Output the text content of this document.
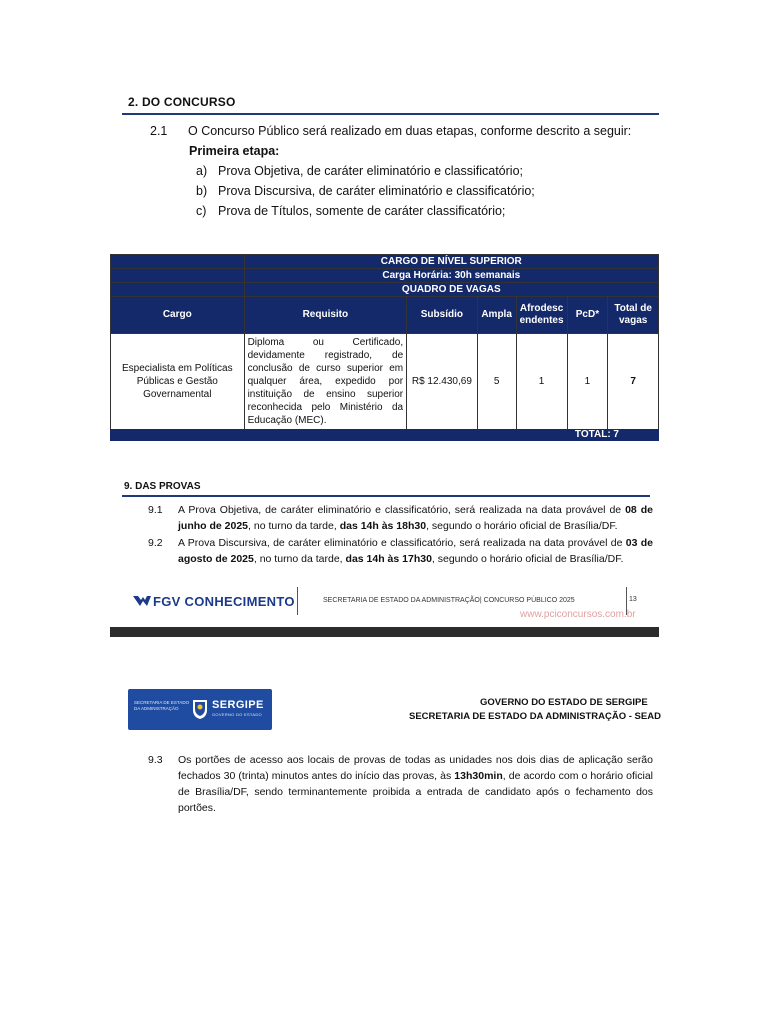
2. DO CONCURSO
2.1 O Concurso Público será realizado em duas etapas, conforme descrito a seguir:
Primeira etapa:
a) Prova Objetiva, de caráter eliminatório e classificatório;
b) Prova Discursiva, de caráter eliminatório e classificatório;
c) Prova de Títulos, somente de caráter classificatório;
	CARGO DE NÍVEL SUPERIOR					
	Carga Horária: 30h semanais					
	QUADRO DE VAGAS					
Cargo	Requisito	Subsídio	Ampla	Afrodesc endentes	PcD*	Total de vagas
Especialista em Políticas Públicas e Gestão Governamental	Diploma ou Certificado, devidamente registrado, de conclusão de curso superior em qualquer área, expedido por instituição de ensino superior reconhecida pelo Ministério da Educação (MEC).	R$ 12.430,69	5	1	1	7
TOTAL: 7
9. DAS PROVAS
9.1 A Prova Objetiva, de caráter eliminatório e classificatório, será realizada na data provável de 08 de junho de 2025, no turno da tarde, das 14h às 18h30, segundo o horário oficial de Brasília/DF.
9.2 A Prova Discursiva, de caráter eliminatório e classificatório, será realizada na data provável de 03 de agosto de 2025, no turno da tarde, das 14h às 17h30, segundo o horário oficial de Brasília/DF.
FGV CONHECIMENTO	SECRETARIA DE ESTADO DA ADMINISTRAÇÃO| CONCURSO PÚBLICO 2025	13
www.pciconcursos.com.br
SECRETARIA DE ESTADO DA ADMINISTRAÇÃO	SERGIPE
GOVERNO DO ESTADO
GOVERNO DO ESTADO DE SERGIPE
SECRETARIA DE ESTADO DA ADMINISTRAÇÃO - SEAD
9.3 Os portões de acesso aos locais de provas de todas as unidades nos dois dias de aplicação serão fechados 30 (trinta) minutos antes do início das provas, às 13h30min, de acordo com o horário oficial de Brasília/DF, sendo terminantemente proibida a entrada de candidato após o fechamento dos portões.
